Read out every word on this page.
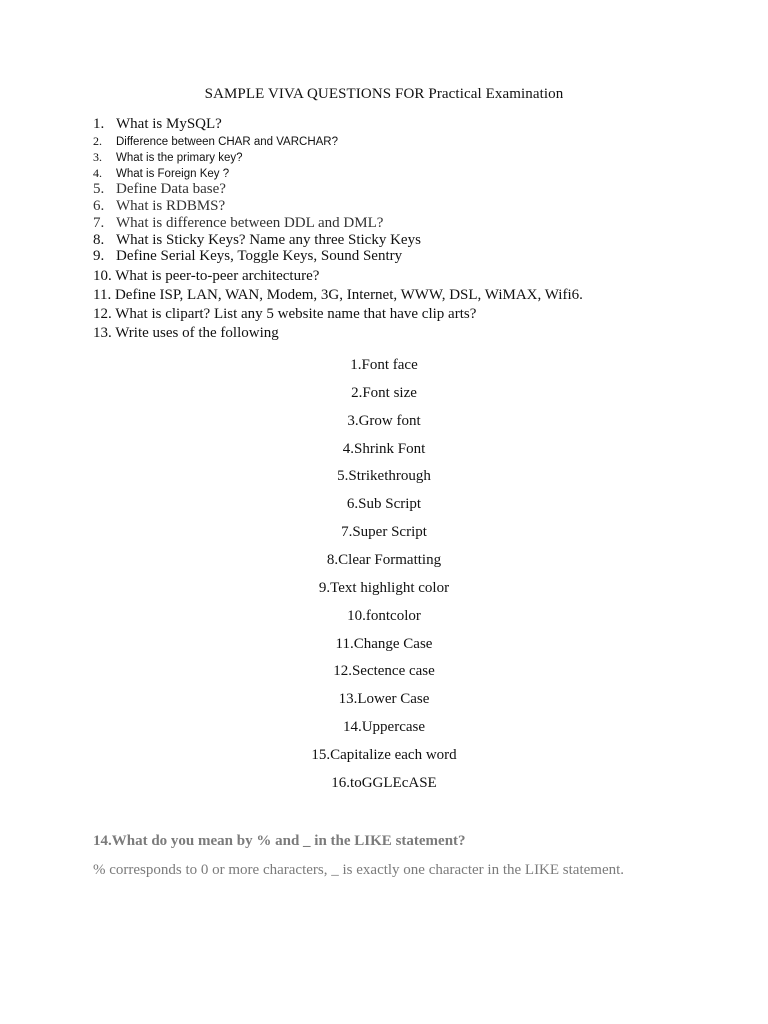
SAMPLE VIVA QUESTIONS FOR Practical Examination
1. What is MySQL?
2. Difference between CHAR and VARCHAR?
3. What is the primary key?
4. What is Foreign Key ?
5. Define Data base?
6. What is RDBMS?
7. What is difference between DDL and DML?
8. What is Sticky Keys? Name any three Sticky Keys
9. Define Serial Keys, Toggle Keys, Sound Sentry
10. What is peer-to-peer architecture?
11. Define ISP, LAN, WAN, Modem, 3G, Internet, WWW, DSL, WiMAX, Wifi6.
12. What is clipart? List any 5 website name that have clip arts?
13. Write uses of the following
1.Font face
2.Font size
3.Grow font
4.Shrink Font
5.Strikethrough
6.Sub Script
7.Super Script
8.Clear Formatting
9.Text highlight color
10.fontcolor
11.Change Case
12.Sectence case
13.Lower Case
14.Uppercase
15.Capitalize each word
16.toGGLEcASE
14.What do you mean by % and _ in the LIKE statement?
% corresponds to 0 or more characters, _ is exactly one character in the LIKE statement.
